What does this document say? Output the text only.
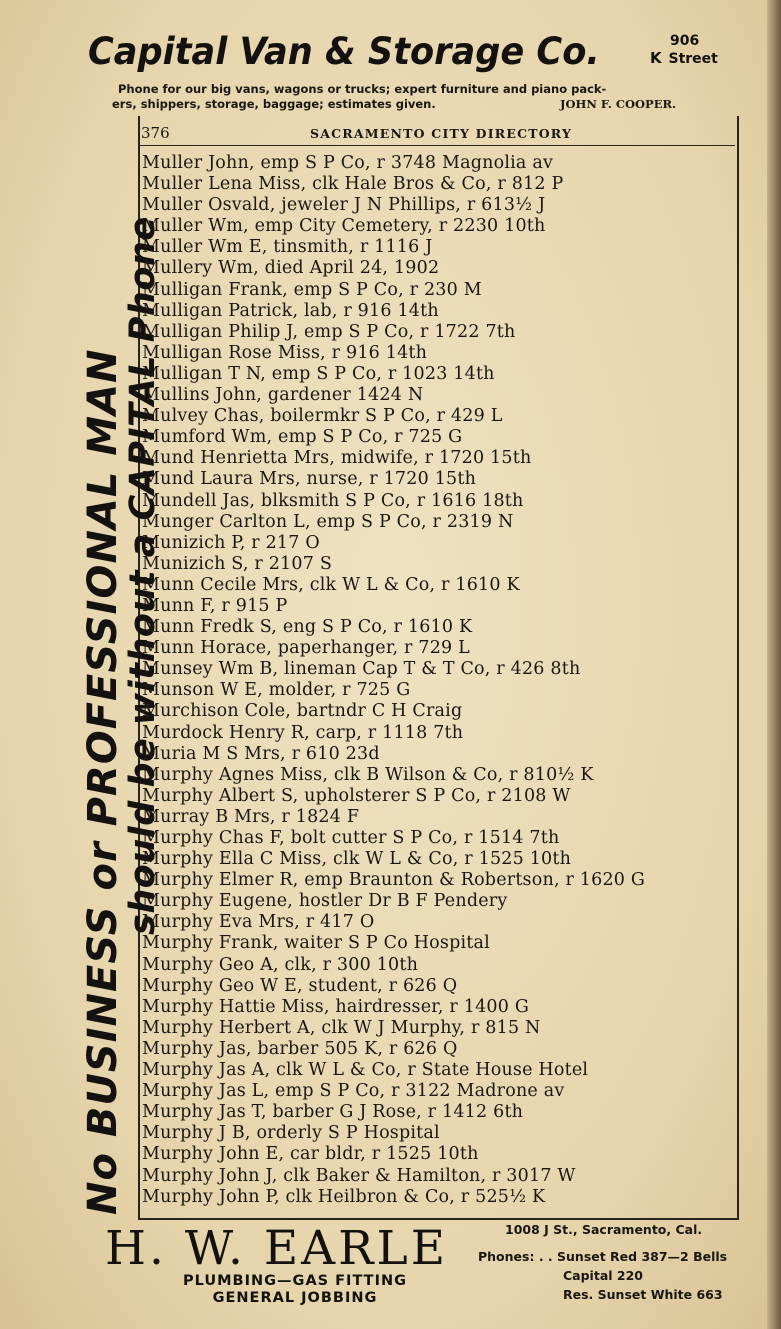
Capital Van & Storage Co.	906
K Street
Phone for our big vans, wagons or trucks; expert furniture and piano pack-
ers, shippers, storage, baggage; estimates given.	JOHN F. COOPER.
376	SACRAMENTO CITY DIRECTORY
No BUSINESS or PROFESSIONAL MAN
should be without a CAPITAL Phone
Muller John, emp S P Co, r 3748 Magnolia av
Muller Lena Miss, clk Hale Bros & Co, r 812 P
Muller Osvald, jeweler J N Phillips, r 613½ J
Muller Wm, emp City Cemetery, r 2230 10th
Muller Wm E, tinsmith, r 1116 J
Mullery Wm, died April 24, 1902
Mulligan Frank, emp S P Co, r 230 M
Mulligan Patrick, lab, r 916 14th
Mulligan Philip J, emp S P Co, r 1722 7th
Mulligan Rose Miss, r 916 14th
Mulligan T N, emp S P Co, r 1023 14th
Mullins John, gardener 1424 N
Mulvey Chas, boilermkr S P Co, r 429 L
Mumford Wm, emp S P Co, r 725 G
Mund Henrietta Mrs, midwife, r 1720 15th
Mund Laura Mrs, nurse, r 1720 15th
Mundell Jas, blksmith S P Co, r 1616 18th
Munger Carlton L, emp S P Co, r 2319 N
Munizich P, r 217 O
Munizich S, r 2107 S
Munn Cecile Mrs, clk W L & Co, r 1610 K
Munn F, r 915 P
Munn Fredk S, eng S P Co, r 1610 K
Munn Horace, paperhanger, r 729 L
Munsey Wm B, lineman Cap T & T Co, r 426 8th
Munson W E, molder, r 725 G
Murchison Cole, bartndr C H Craig
Murdock Henry R, carp, r 1118 7th
Muria M S Mrs, r 610 23d
Murphy Agnes Miss, clk B Wilson & Co, r 810½ K
Murphy Albert S, upholsterer S P Co, r 2108 W
Murray B Mrs, r 1824 F
Murphy Chas F, bolt cutter S P Co, r 1514 7th
Murphy Ella C Miss, clk W L & Co, r 1525 10th
Murphy Elmer R, emp Braunton & Robertson, r 1620 G
Murphy Eugene, hostler Dr B F Pendery
Murphy Eva Mrs, r 417 O
Murphy Frank, waiter S P Co Hospital
Murphy Geo A, clk, r 300 10th
Murphy Geo W E, student, r 626 Q
Murphy Hattie Miss, hairdresser, r 1400 G
Murphy Herbert A, clk W J Murphy, r 815 N
Murphy Jas, barber 505 K, r 626 Q
Murphy Jas A, clk W L & Co, r State House Hotel
Murphy Jas L, emp S P Co, r 3122 Madrone av
Murphy Jas T, barber G J Rose, r 1412 6th
Murphy J B, orderly S P Hospital
Murphy John E, car bldr, r 1525 10th
Murphy John J, clk Baker & Hamilton, r 3017 W
Murphy John P, clk Heilbron & Co, r 525½ K
H. W. EARLE
PLUMBING—GAS FITTING
GENERAL JOBBING
1008 J St., Sacramento, Cal.
Phones: . . Sunset Red 387—2 Bells
Capital 220
Res. Sunset White 663
